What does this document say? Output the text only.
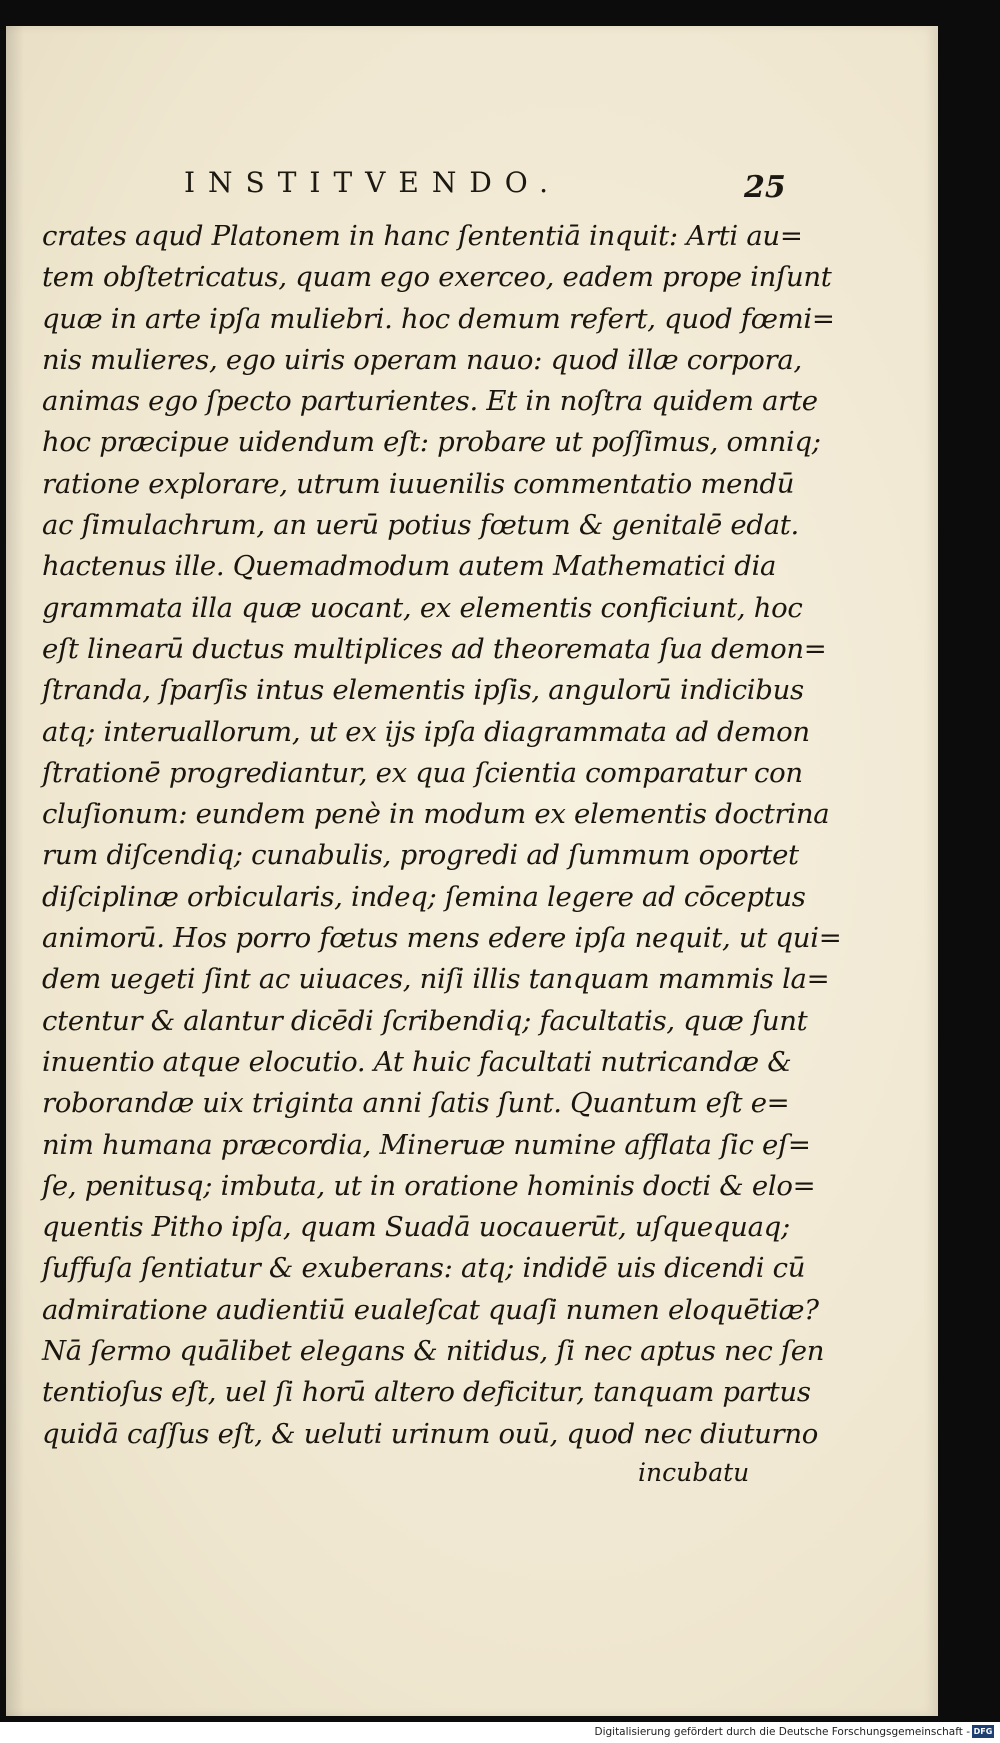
INSTITVENDO.	25
crates aqud Platonem in hanc ſententiā inquit: Arti au=
tem obſtetricatus, quam ego exerceo, eadem prope inſunt
quæ in arte ipſa muliebri. hoc demum refert, quod fœmi=
nis mulieres, ego uiris operam nauo: quod illæ corpora,
animas ego ſpecto parturientes. Et in noſtra quidem arte
hoc præcipue uidendum eſt: probare ut poſſimus, omniq;
ratione explorare, utrum iuuenilis commentatio mendū
ac ſimulachrum, an uerū potius fœtum & genitalē edat.
hactenus ille. Quemadmodum autem Mathematici dia
grammata illa quæ uocant, ex elementis conficiunt, hoc
eſt linearū ductus multiplices ad theoremata ſua demon=
ſtranda, ſparſis intus elementis ipſis, angulorū indicibus
atq; interuallorum, ut ex ijs ipſa diagrammata ad demon
ſtrationē progrediantur, ex qua ſcientia comparatur con
cluſionum: eundem penè in modum ex elementis doctrina
rum diſcendiq; cunabulis, progredi ad ſummum oportet
diſciplinæ orbicularis, indeq; ſemina legere ad cōceptus
animorū. Hos porro fœtus mens edere ipſa nequit, ut qui=
dem uegeti ſint ac uiuaces, niſi illis tanquam mammis la=
ctentur & alantur dicēdi ſcribendiq; facultatis, quæ ſunt
inuentio atque elocutio. At huic facultati nutricandæ &
roborandæ uix triginta anni ſatis ſunt. Quantum eſt e=
nim humana præcordia, Mineruæ numine afflata ſic eſ=
ſe, penitusq; imbuta, ut in oratione hominis docti & elo=
quentis Pitho ipſa, quam Suadā uocauerūt, uſquequaq;
ſuffuſa ſentiatur & exuberans: atq; indidē uis dicendi cū
admiratione audientiū eualeſcat quaſi numen eloquētiæ?
Nā ſermo quālibet elegans & nitidus, ſi nec aptus nec ſen
tentioſus eſt, uel ſi horū altero deficitur, tanquam partus
quidā caſſus eſt, & ueluti urinum ouū, quod nec diuturno
incubatu
Digitalisierung gefördert durch die Deutsche Forschungsgemeinschaft - DFG
